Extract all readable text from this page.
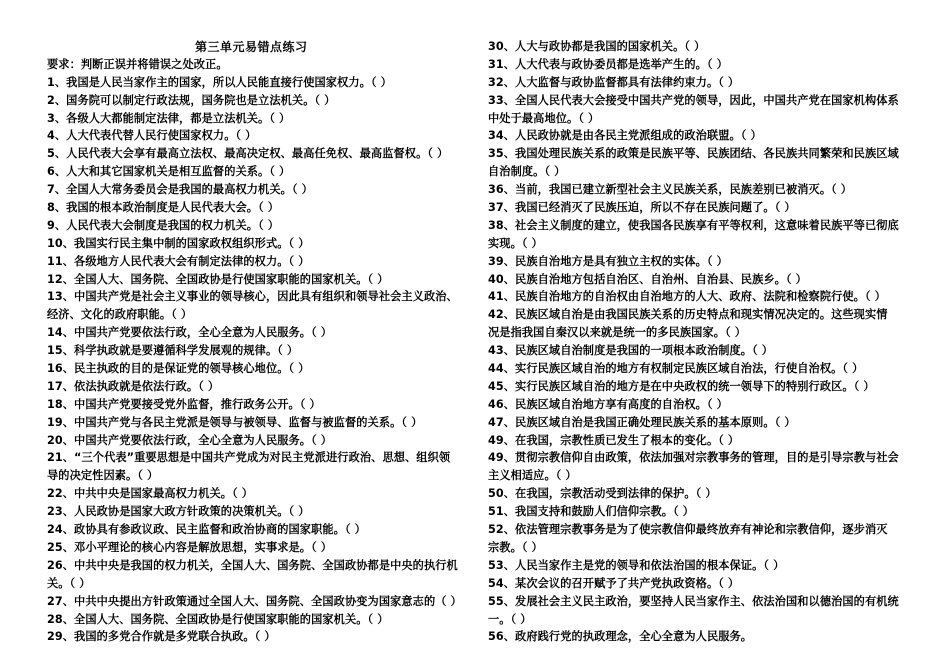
第三单元易错点练习
要求：判断正误并将错误之处改正。
1、我国是人民当家作主的国家，所以人民能直接行使国家权力。（ ）
2、国务院可以制定行政法规，国务院也是立法机关。（ ）
3、各级人大都能制定法律，都是立法机关。（ ）
4、人大代表代替人民行使国家权力。（ ）
5、人民代表大会享有最高立法权、最高决定权、最高任免权、最高监督权。（ ）
6、人大和其它国家机关是相互监督的关系。（ ）
7、全国人大常务委员会是我国的最高权力机关。（ ）
8、我国的根本政治制度是人民代表大会。（ ）
9、人民代表大会制度是我国的权力机关。（ ）
10、我国实行民主集中制的国家政权组织形式。（ ）
11、各级地方人民代表大会有制定法律的权力。（ ）
12、全国人大、国务院、全国政协是行使国家职能的国家机关。（ ）
13、中国共产党是社会主义事业的领导核心，因此具有组织和领导社会主义政治、
经济、文化的政府职能。（ ）
14、中国共产党要依法行政，全心全意为人民服务。（ ）
15、科学执政就是要遵循科学发展观的规律。（ ）
16、民主执政的目的是保证党的领导核心地位。（ ）
17、依法执政就是依法行政。（ ）
18、中国共产党要接受党外监督，推行政务公开。（ ）
19、中国共产党与各民主党派是领导与被领导、监督与被监督的关系。（ ）
20、中国共产党要依法行政，全心全意为人民服务。（ ）
21、“三个代表”重要思想是中国共产党成为对民主党派进行政治、思想、组织领
导的决定性因素。（ ）
22、中共中央是国家最高权力机关。（ ）
23、人民政协是国家大政方针政策的决策机关。（ ）
24、政协具有参政议政、民主监督和政治协商的国家职能。（ ）
25、邓小平理论的核心内容是解放思想，实事求是。（ ）
26、中共中央是我国的权力机关，全国人大、国务院、全国政协都是中央的执行机
关。（ ）
27、中共中央提出方针政策通过全国人大、国务院、全国政协变为国家意志的（ ）
28、全国人大、国务院、全国政协是行使国家职能的国家机关。（ ）
29、我国的多党合作就是多党联合执政。（ ）
30、人大与政协都是我国的国家机关。（ ）
31、人大代表与政协委员都是选举产生的。（ ）
32、人大监督与政协监督都具有法律约束力。（ ）
33、全国人民代表大会接受中国共产党的领导，因此，中国共产党在国家机构体系
中处于最高地位。（ ）
34、人民政协就是由各民主党派组成的政治联盟。（ ）
35、我国处理民族关系的政策是民族平等、民族团结、各民族共同繁荣和民族区域
自治制度。（ ）
36、当前，我国已建立新型社会主义民族关系，民族差别已被消灭。（ ）
37、我国已经消灭了民族压迫，所以不存在民族问题了。（ ）
38、社会主义制度的建立，使我国各民族享有平等权利，这意味着民族平等已彻底
实现。（ ）
39、民族自治地方是具有独立主权的实体。（ ）
40、民族自治地方包括自治区、自治州、自治县、民族乡。（ ）
41、民族自治地方的自治权由自治地方的人大、政府、法院和检察院行使。（ ）
42、民族区域自治是由我国民族关系的历史特点和现实情况决定的。这些现实情
况是指我国自秦汉以来就是统一的多民族国家。（ ）
43、民族区域自治制度是我国的一项根本政治制度。（ ）
44、实行民族区域自治的地方有权制定民族区域自治法，行使自治权。（ ）
45、实行民族区域自治的地方是在中央政权的统一领导下的特别行政区。（ ）
46、民族区域自治地方享有高度的自治权。（ ）
47、民族区域自治是我国正确处理民族关系的基本原则。（ ）
49、在我国，宗教性质已发生了根本的变化。（ ）
49、贯彻宗教信仰自由政策，依法加强对宗教事务的管理，目的是引导宗教与社会
主义相适应。（ ）
50、在我国，宗教活动受到法律的保护。（ ）
51、我国支持和鼓励人们信仰宗教。（ ）
52、依法管理宗教事务是为了使宗教信仰最终放弃有神论和宗教信仰，逐步消灭
宗教。（ ）
53、人民当家作主是党的领导和依法治国的根本保证。（ ）
54、某次会议的召开赋予了共产党执政资格。（ ）
55、发展社会主义民主政治，要坚持人民当家作主、依法治国和以德治国的有机统
一。（ ）
56、政府践行党的执政理念，全心全意为人民服务。
